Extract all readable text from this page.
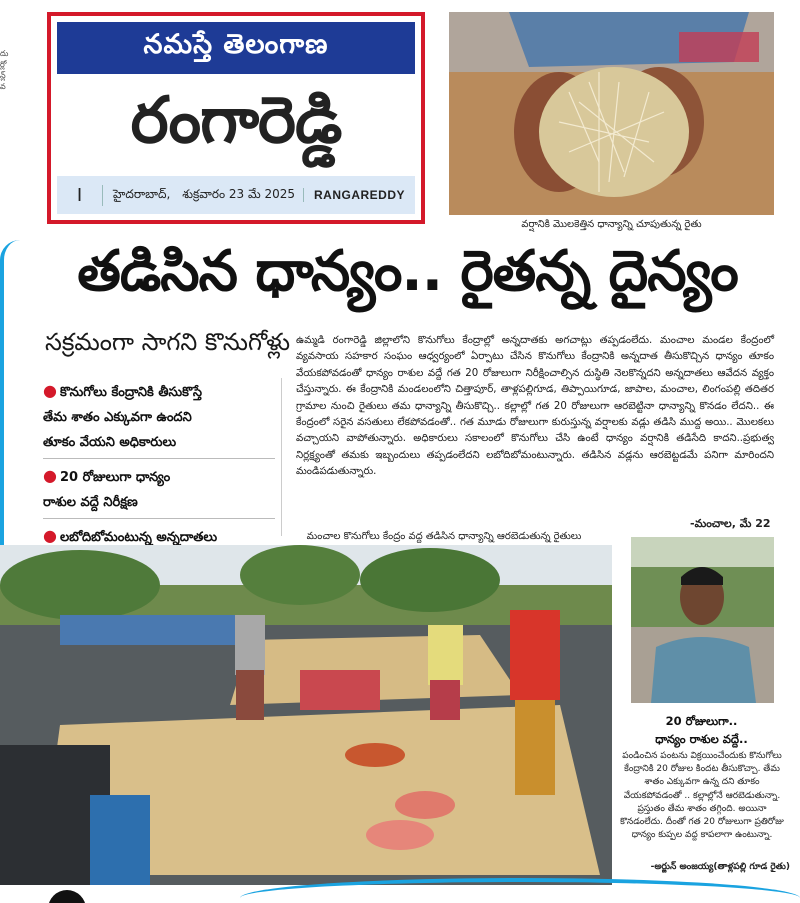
దు
ర్లో
న్ల్
వ
నమస్తే తెలంగాణ
రంగారెడ్డి
I	హైదరాబాద్,	శుక్రవారం 23 మే 2025	RANGAREDDY
వర్షానికి మొలకెత్తిన ధాన్యాన్ని చూపుతున్న రైతు
తడిసిన ధాన్యం.. రైతన్న దైన్యం
సక్రమంగా సాగని కొనుగోళ్లు
● కొనుగోలు కేంద్రానికి తీసుకొస్తే
తేమ శాతం ఎక్కువగా ఉందని
తూకం వేయని అధికారులు
● 20 రోజులుగా ధాన్యం
రాశుల వద్దే నిరీక్షణ
● లబోదిబోమంటున్న అన్నదాతలు
ఉమ్మడి రంగారెడ్డి జిల్లాలోని కొనుగోలు కేంద్రాల్లో అన్నదాతకు అగచాట్లు తప్పడంలేదు. మంచాల మండల కేంద్రంలో వ్యవసాయ సహకార సంఘం ఆధ్వర్యంలో ఏర్పాటు చేసిన కొనుగోలు కేంద్రానికి అన్నదాత తీసుకొచ్చిన ధాన్యం తూకం వేయకపోవడంతో ధాన్యం రాశుల వద్దే గత 20 రోజులుగా నిరీక్షించాల్సిన దుస్థితి నెలకొన్నదని అన్నదాతలు ఆవేదన వ్యక్తం చేస్తున్నారు. ఈ కేంద్రానికి మండలంలోని చిత్తాపూర్, తాళ్లపల్లిగూడ, తిప్పాయిగూడ, జాపాల, మంచాల, లింగంపల్లి తదితర గ్రామాల నుంచి రైతులు తమ ధాన్యాన్ని తీసుకొచ్చి.. కల్లాల్లో గత 20 రోజులుగా ఆరబెట్టినా ధాన్యాన్ని కొనడం లేదని.. ఈ కేంద్రంలో సరైన వసతులు లేకపోవడంతో.. గత మూడు రోజులుగా కురుస్తున్న వర్షాలకు వడ్లు తడిసి ముద్ద అయి.. మొలకలు వచ్చాయని వాపోతున్నారు. అధికారులు సకాలంలో కొనుగోలు చేసి ఉంటే ధాన్యం వర్షానికి తడిసేది కాదని..ప్రభుత్వ నిర్లక్ష్యంతో తమకు ఇబ్బందులు తప్పడంలేదని లబోదిబోమంటున్నారు. తడిసిన వడ్లను ఆరబెట్టడమే పనిగా మారిందని మండిపడుతున్నారు.
-మంచాల, మే 22
మంచాల కొనుగోలు కేంద్రం వద్ద తడిసిన ధాన్యాన్ని ఆరబెడుతున్న రైతులు
20 రోజులుగా..
ధాన్యం రాశుల వద్దే..
పండించిన పంటను విక్రయించేందుకు కొనుగోలు కేంద్రానికి 20 రోజుల కిందట తీసుకొచ్చా. తేమ శాతం ఎక్కువగా ఉన్న దని తూకం వేయకపోవడంతో .. కల్లాల్లోనే ఆరబెడుతున్నా. ప్రస్తుతం తేమ శాతం తగ్గింది. అయినా కొనడంలేదు. దీంతో గత 20 రోజులుగా ప్రతిరోజు ధాన్యం కుప్పల వద్ద కాపలాగా ఉంటున్నా.
-అర్జున్ అంజయ్య(తాళ్లపల్లి గూడ రైతు)
